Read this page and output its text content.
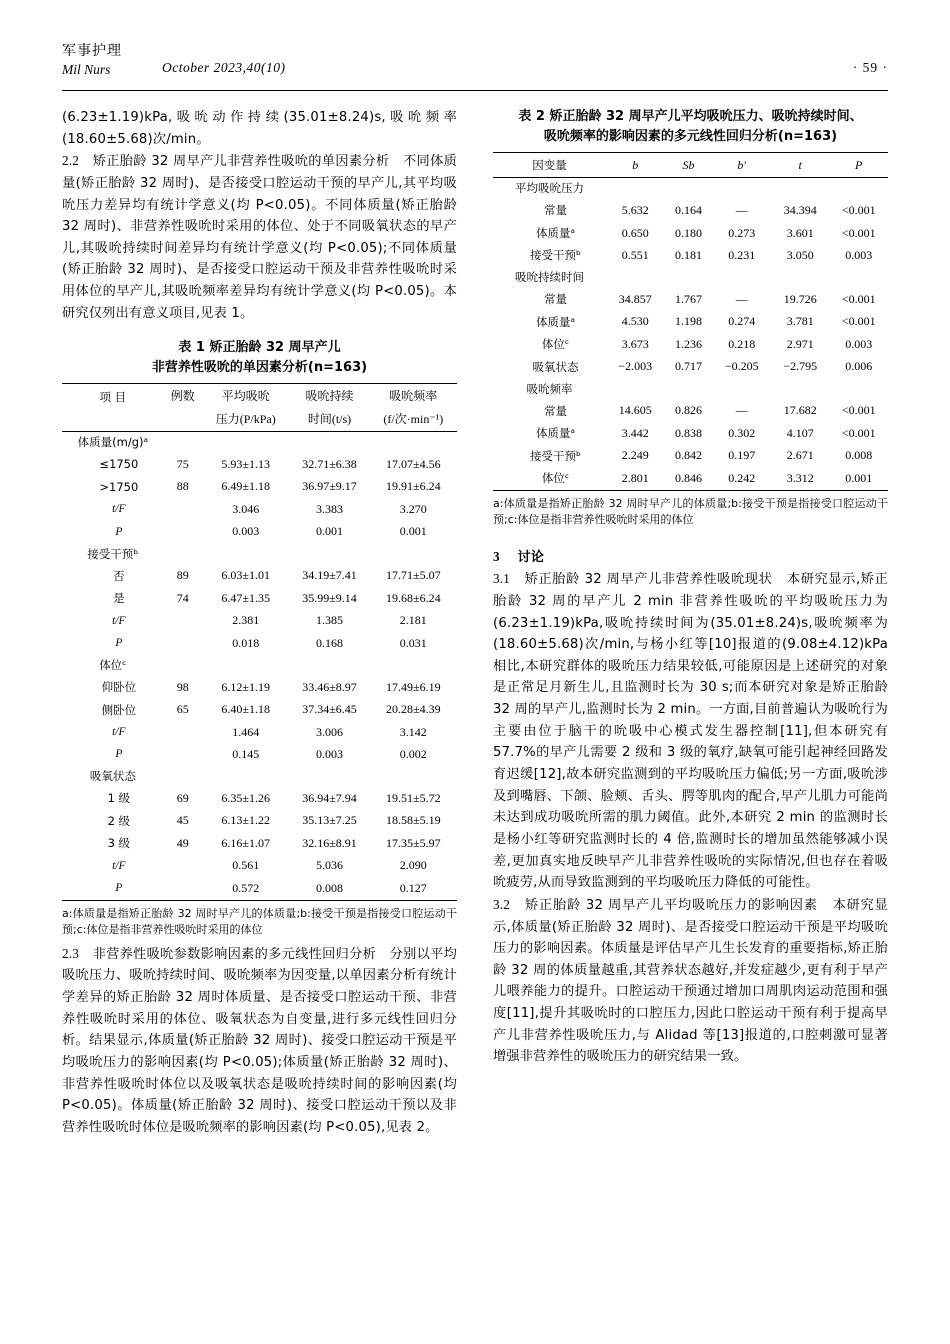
军事护理
Mil Nurs	October 2023,40(10)	· 59 ·

(6.23±1.19)kPa,吸吮动作持续(35.01±8.24)s,吸吮频率(18.60±5.68)次/min。

2.2 矫正胎龄 32 周早产儿非营养性吸吮的单因素分析 不同体质量(矫正胎龄 32 周时)、是否接受口腔运动干预的早产儿,其平均吸吮压力差异均有统计学意义(均 P<0.05)。不同体质量(矫正胎龄 32 周时)、非营养性吸吮时采用的体位、处于不同吸氧状态的早产儿,其吸吮持续时间差异均有统计学意义(均 P<0.05);不同体质量(矫正胎龄 32 周时)、是否接受口腔运动干预及非营养性吸吮时采用体位的早产儿,其吸吮频率差异均有统计学意义(均 P<0.05)。本研究仅列出有意义项目,见表 1。

表 1 矫正胎龄 32 周早产儿
非营养性吸吮的单因素分析(n=163)
项 目	例数	平均吸吮	吸吮持续	吸吮频率
		压力(P/kPa)	时间(t/s)	(f/次·min⁻¹)
体质量(m/g)ᵃ				
≤1750	75	5.93±1.13	32.71±6.38	17.07±4.56
>1750	88	6.49±1.18	36.97±9.17	19.91±6.24
t/F		3.046	3.383	3.270
P		0.003	0.001	0.001
接受干预ᵇ				
否	89	6.03±1.01	34.19±7.41	17.71±5.07
是	74	6.47±1.35	35.99±9.14	19.68±6.24
t/F		2.381	1.385	2.181
P		0.018	0.168	0.031
体位ᶜ				
仰卧位	98	6.12±1.19	33.46±8.97	17.49±6.19
侧卧位	65	6.40±1.18	37.34±6.45	20.28±4.39
t/F		1.464	3.006	3.142
P		0.145	0.003	0.002
吸氧状态				
1 级	69	6.35±1.26	36.94±7.94	19.51±5.72
2 级	45	6.13±1.22	35.13±7.25	18.58±5.19
3 级	49	6.16±1.07	32.16±8.91	17.35±5.97
t/F		0.561	5.036	2.090
P		0.572	0.008	0.127
a:体质量是指矫正胎龄 32 周时早产儿的体质量;b:接受干预是指接受口腔运动干预;c:体位是指非营养性吸吮时采用的体位

2.3 非营养性吸吮参数影响因素的多元线性回归分析 分别以平均吸吮压力、吸吮持续时间、吸吮频率为因变量,以单因素分析有统计学差异的矫正胎龄 32 周时体质量、是否接受口腔运动干预、非营养性吸吮时采用的体位、吸氧状态为自变量,进行多元线性回归分析。结果显示,体质量(矫正胎龄 32 周时)、接受口腔运动干预是平均吸吮压力的影响因素(均 P<0.05);体质量(矫正胎龄 32 周时)、非营养性吸吮时体位以及吸氧状态是吸吮持续时间的影响因素(均 P<0.05)。体质量(矫正胎龄 32 周时)、接受口腔运动干预以及非营养性吸吮时体位是吸吮频率的影响因素(均 P<0.05),见表 2。

表 2 矫正胎龄 32 周早产儿平均吸吮压力、吸吮持续时间、
吸吮频率的影响因素的多元线性回归分析(n=163)
因变量	b	Sb	b′	t	P
平均吸吮压力					
常量	5.632	0.164	—	34.394	<0.001
体质量ᵃ	0.650	0.180	0.273	3.601	<0.001
接受干预ᵇ	0.551	0.181	0.231	3.050	0.003
吸吮持续时间					
常量	34.857	1.767	—	19.726	<0.001
体质量ᵃ	4.530	1.198	0.274	3.781	<0.001
体位ᶜ	3.673	1.236	0.218	2.971	0.003
吸氧状态	−2.003	0.717	−0.205	−2.795	0.006
吸吮频率					
常量	14.605	0.826	—	17.682	<0.001
体质量ᵃ	3.442	0.838	0.302	4.107	<0.001
接受干预ᵇ	2.249	0.842	0.197	2.671	0.008
体位ᶜ	2.801	0.846	0.242	3.312	0.001
a:体质量是指矫正胎龄 32 周时早产儿的体质量;b:接受干预是指接受口腔运动干预;c:体位是指非营养性吸吮时采用的体位

3 讨论

3.1 矫正胎龄 32 周早产儿非营养性吸吮现状 本研究显示,矫正胎龄 32 周的早产儿 2 min 非营养性吸吮的平均吸吮压力为(6.23±1.19)kPa,吸吮持续时间为(35.01±8.24)s,吸吮频率为(18.60±5.68)次/min,与杨小红等[10]报道的(9.08±4.12)kPa 相比,本研究群体的吸吮压力结果较低,可能原因是上述研究的对象是正常足月新生儿,且监测时长为 30 s;而本研究对象是矫正胎龄 32 周的早产儿,监测时长为 2 min。一方面,目前普遍认为吸吮行为主要由位于脑干的吮吸中心模式发生器控制[11],但本研究有 57.7%的早产儿需要 2 级和 3 级的氧疗,缺氧可能引起神经回路发育迟缓[12],故本研究监测到的平均吸吮压力偏低;另一方面,吸吮涉及到嘴唇、下颌、脸颊、舌头、腭等肌肉的配合,早产儿肌力可能尚未达到成功吸吮所需的肌力阈值。此外,本研究 2 min 的监测时长是杨小红等研究监测时长的 4 倍,监测时长的增加虽然能够减小误差,更加真实地反映早产儿非营养性吸吮的实际情况,但也存在着吸吮疲劳,从而导致监测到的平均吸吮压力降低的可能性。

3.2 矫正胎龄 32 周早产儿平均吸吮压力的影响因素 本研究显示,体质量(矫正胎龄 32 周时)、是否接受口腔运动干预是平均吸吮压力的影响因素。体质量是评估早产儿生长发育的重要指标,矫正胎龄 32 周的体质量越重,其营养状态越好,并发症越少,更有利于早产儿喂养能力的提升。口腔运动干预通过增加口周肌肉运动范围和强度[11],提升其吸吮时的口腔压力,因此口腔运动干预有利于提高早产儿非营养性吸吮压力,与 Alidad 等[13]报道的,口腔刺激可显著增强非营养性的吸吮压力的研究结果一致。
